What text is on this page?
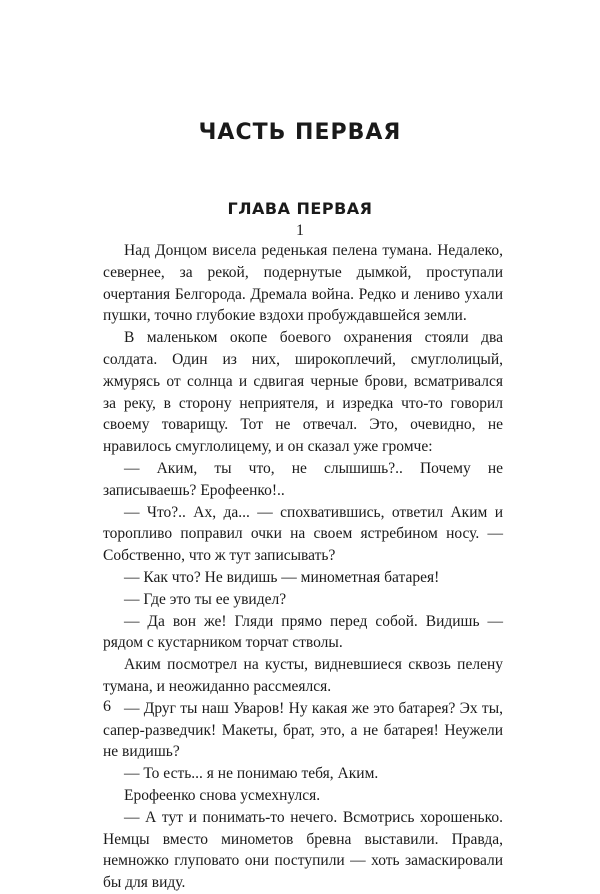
ЧАСТЬ ПЕРВАЯ
ГЛАВА ПЕРВАЯ
1

Над Донцом висела реденькая пелена тумана. Недалеко, севернее, за рекой, подернутые дымкой, проступали очертания Белгорода. Дремала война. Редко и лениво ухали пушки, точно глубокие вздохи пробуждавшейся земли.

В маленьком окопе боевого охранения стояли два солдата. Один из них, широкоплечий, смуглолицый, жмурясь от солнца и сдвигая черные брови, всматривался за реку, в сторону неприятеля, и изредка что-то говорил своему товарищу. Тот не отвечал. Это, очевидно, не нравилось смуглолицему, и он сказал уже громче:

— Аким, ты что, не слышишь?.. Почему не записываешь? Ерофеенко!..

— Что?.. Ах, да... — спохватившись, ответил Аким и торопливо поправил очки на своем ястребином носу. — Собственно, что ж тут записывать?

— Как что? Не видишь — минометная батарея!

— Где это ты ее увидел?

— Да вон же! Гляди прямо перед собой. Видишь — рядом с кустарником торчат стволы.

Аким посмотрел на кусты, видневшиеся сквозь пелену тумана, и неожиданно рассмеялся.

— Друг ты наш Уваров! Ну какая же это батарея? Эх ты, сапер-разведчик! Макеты, брат, это, а не батарея! Неужели не видишь?

— То есть... я не понимаю тебя, Аким.

Ерофеенко снова усмехнулся.

— А тут и понимать-то нечего. Всмотрись хорошенько. Немцы вместо минометов бревна выставили. Правда, немножко глуповато они поступили — хоть замаскировали бы для виду.

6
